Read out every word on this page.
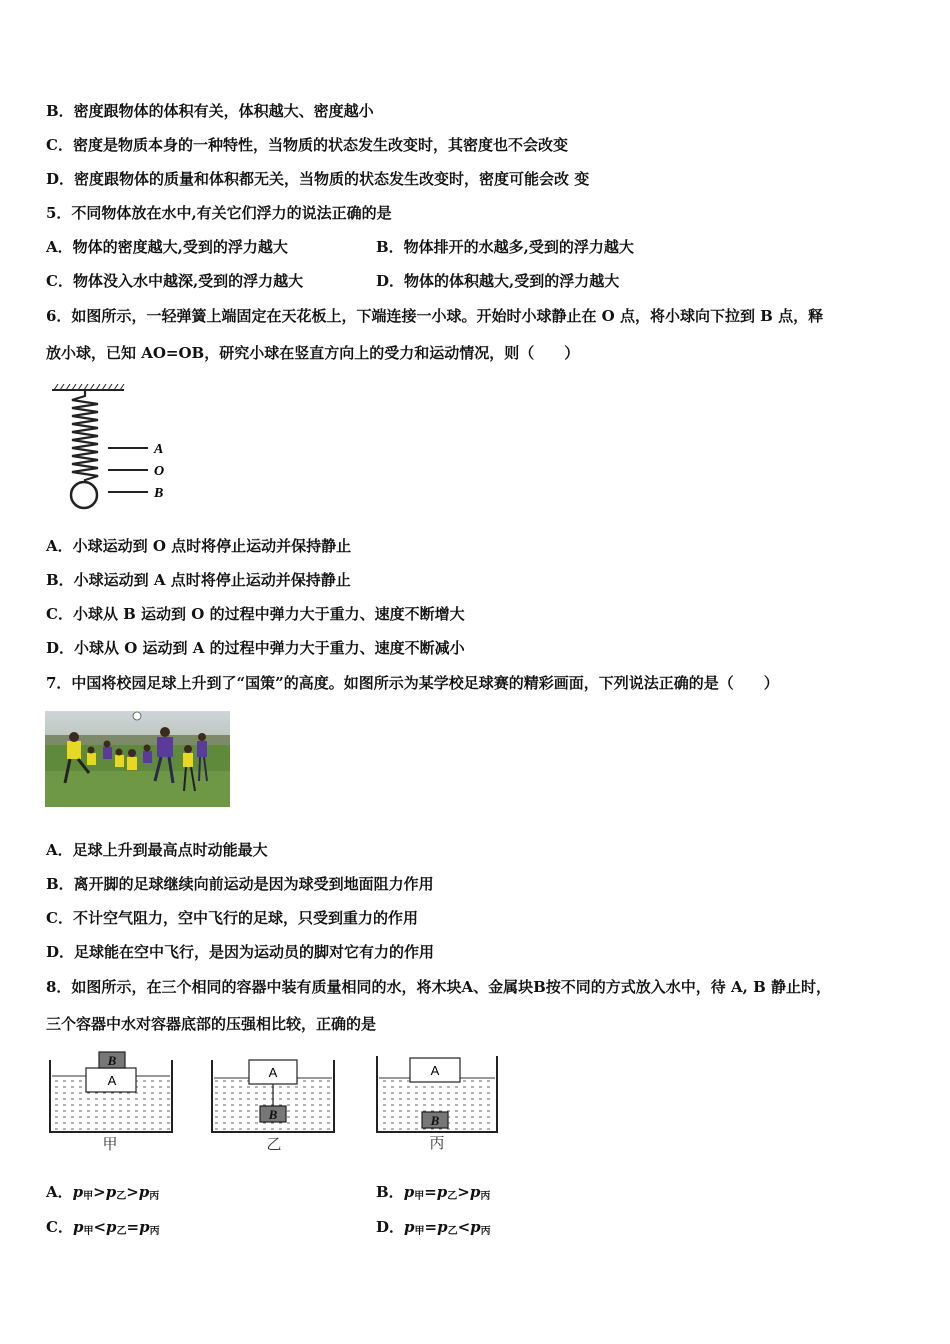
B．密度跟物体的体积有关，体积越大、密度越小
C．密度是物质本身的一种特性，当物质的状态发生改变时，其密度也不会改变
D．密度跟物体的质量和体积都无关，当物质的状态发生改变时，密度可能会改 变
5．不同物体放在水中,有关它们浮力的说法正确的是
A．物体的密度越大,受到的浮力越大	B．物体排开的水越多,受到的浮力越大
C．物体没入水中越深,受到的浮力越大	D．物体的体积越大,受到的浮力越大
6．如图所示，一轻弹簧上端固定在天花板上，下端连接一小球。开始时小球静止在 O 点，将小球向下拉到 B 点，释
放小球，已知 AO=OB，研究小球在竖直方向上的受力和运动情况，则（　　）
A
O
B
A．小球运动到 O 点时将停止运动并保持静止
B．小球运动到 A 点时将停止运动并保持静止
C．小球从 B 运动到 O 的过程中弹力大于重力、速度不断增大
D．小球从 O 运动到 A 的过程中弹力大于重力、速度不断减小
7．中国将校园足球上升到了“国策”的高度。如图所示为某学校足球赛的精彩画面，下列说法正确的是（　　）
A．足球上升到最高点时动能最大
B．离开脚的足球继续向前运动是因为球受到地面阻力作用
C．不计空气阻力，空中飞行的足球，只受到重力的作用
D．足球能在空中飞行，是因为运动员的脚对它有力的作用
8．如图所示，在三个相同的容器中装有质量相同的水，将木块A、金属块B按不同的方式放入水中，待 A, B 静止时，
三个容器中水对容器底部的压强相比较，正确的是
A
B
甲
A
B
乙
A
B
丙
A．$p_甲>p_乙>p_丙$	B．$p_甲=p_乙>p_丙$
C．$p_甲<p_乙=p_丙$	D．$p_甲=p_乙<p_丙$
